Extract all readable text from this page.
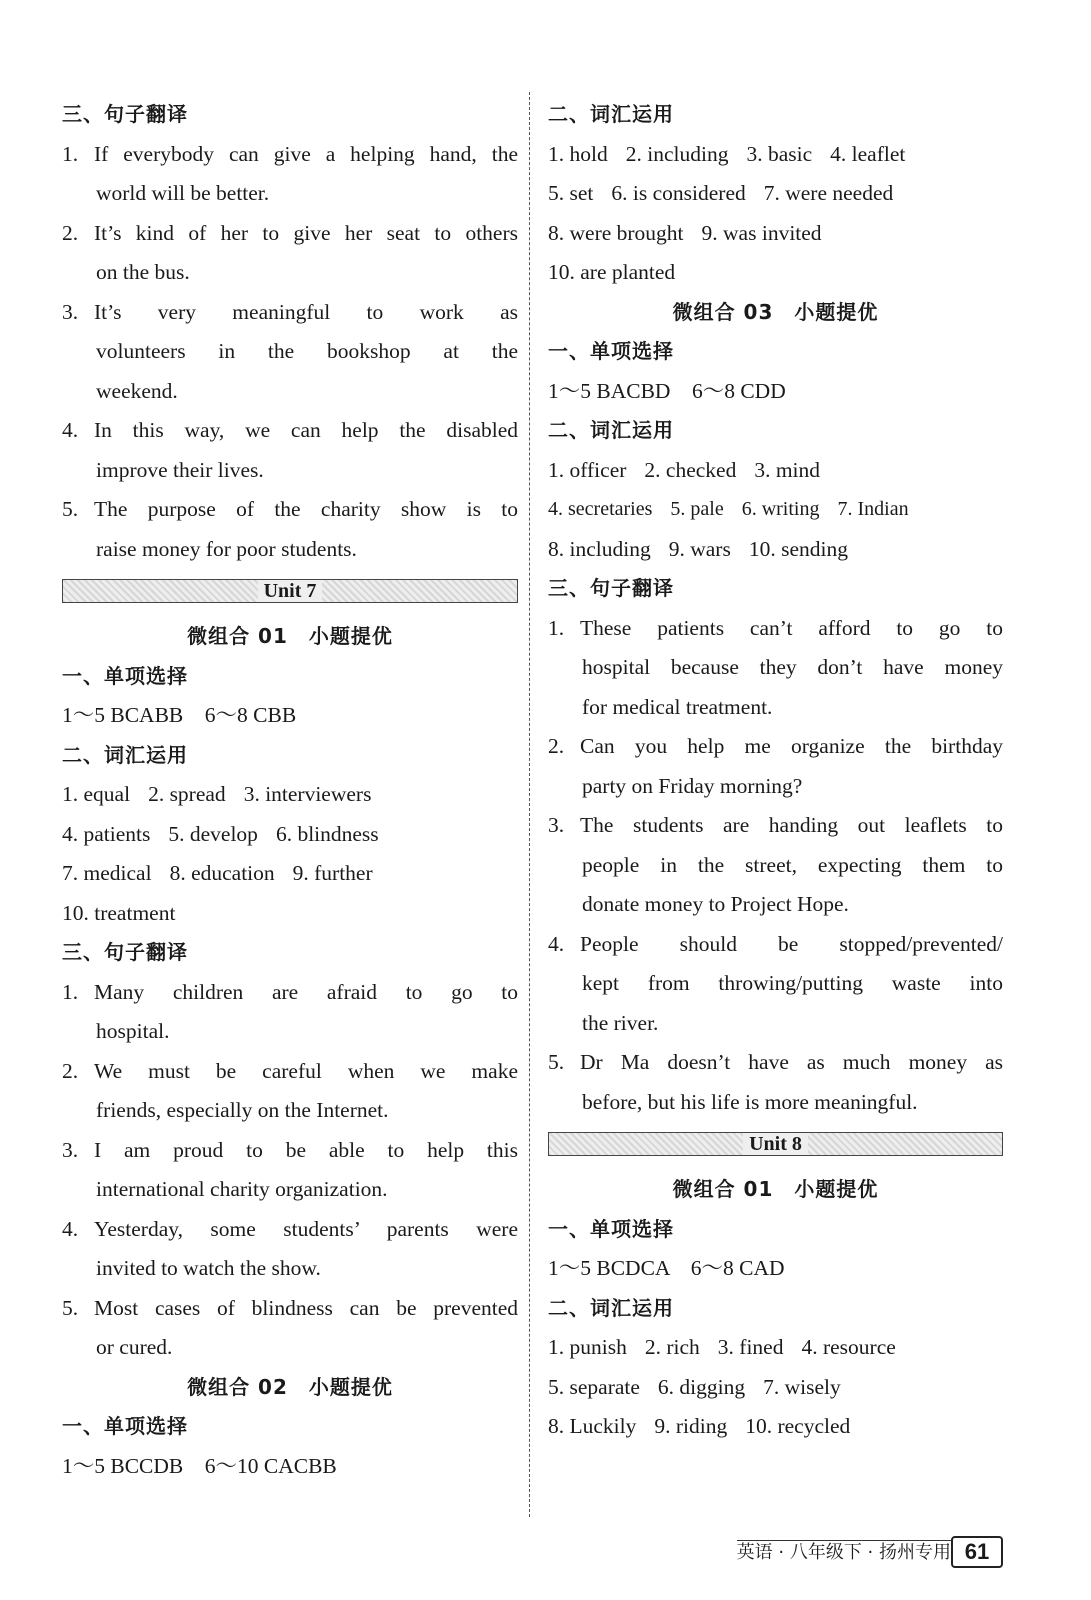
三、句子翻译
1. If everybody can give a helping hand, the
world will be better.
2. It’s kind of her to give her seat to others
on the bus.
3. It’s very meaningful to work as
volunteers in the bookshop at the
weekend.
4. In this way, we can help the disabled
improve their lives.
5. The purpose of the charity show is to
raise money for poor students.
Unit 7
微组合 01　小题提优
一、单项选择
1～5 BCABB　6～8 CBB
二、词汇运用
1. equal 2. spread 3. interviewers
4. patients 5. develop 6. blindness
7. medical 8. education 9. further
10. treatment
三、句子翻译
1. Many children are afraid to go to
hospital.
2. We must be careful when we make
friends, especially on the Internet.
3. I am proud to be able to help this
international charity organization.
4. Yesterday, some students’ parents were
invited to watch the show.
5. Most cases of blindness can be prevented
or cured.
微组合 02　小题提优
一、单项选择
1～5 BCCDB　6～10 CACBB
二、词汇运用
1. hold 2. including 3. basic 4. leaflet
5. set 6. is considered 7. were needed
8. were brought 9. was invited
10. are planted
微组合 03　小题提优
一、单项选择
1～5 BACBD　6～8 CDD
二、词汇运用
1. officer 2. checked 3. mind
4. secretaries 5. pale 6. writing 7. Indian
8. including 9. wars 10. sending
三、句子翻译
1. These patients can’t afford to go to
hospital because they don’t have money
for medical treatment.
2. Can you help me organize the birthday
party on Friday morning?
3. The students are handing out leaflets to
people in the street, expecting them to
donate money to Project Hope.
4. People should be stopped/prevented/
kept from throwing/putting waste into
the river.
5. Dr Ma doesn’t have as much money as
before, but his life is more meaningful.
Unit 8
微组合 01　小题提优
一、单项选择
1～5 BCDCA　6～8 CAD
二、词汇运用
1. punish 2. rich 3. fined 4. resource
5. separate 6. digging 7. wisely
8. Luckily 9. riding 10. recycled
英语 · 八年级下 · 扬州专用 61
